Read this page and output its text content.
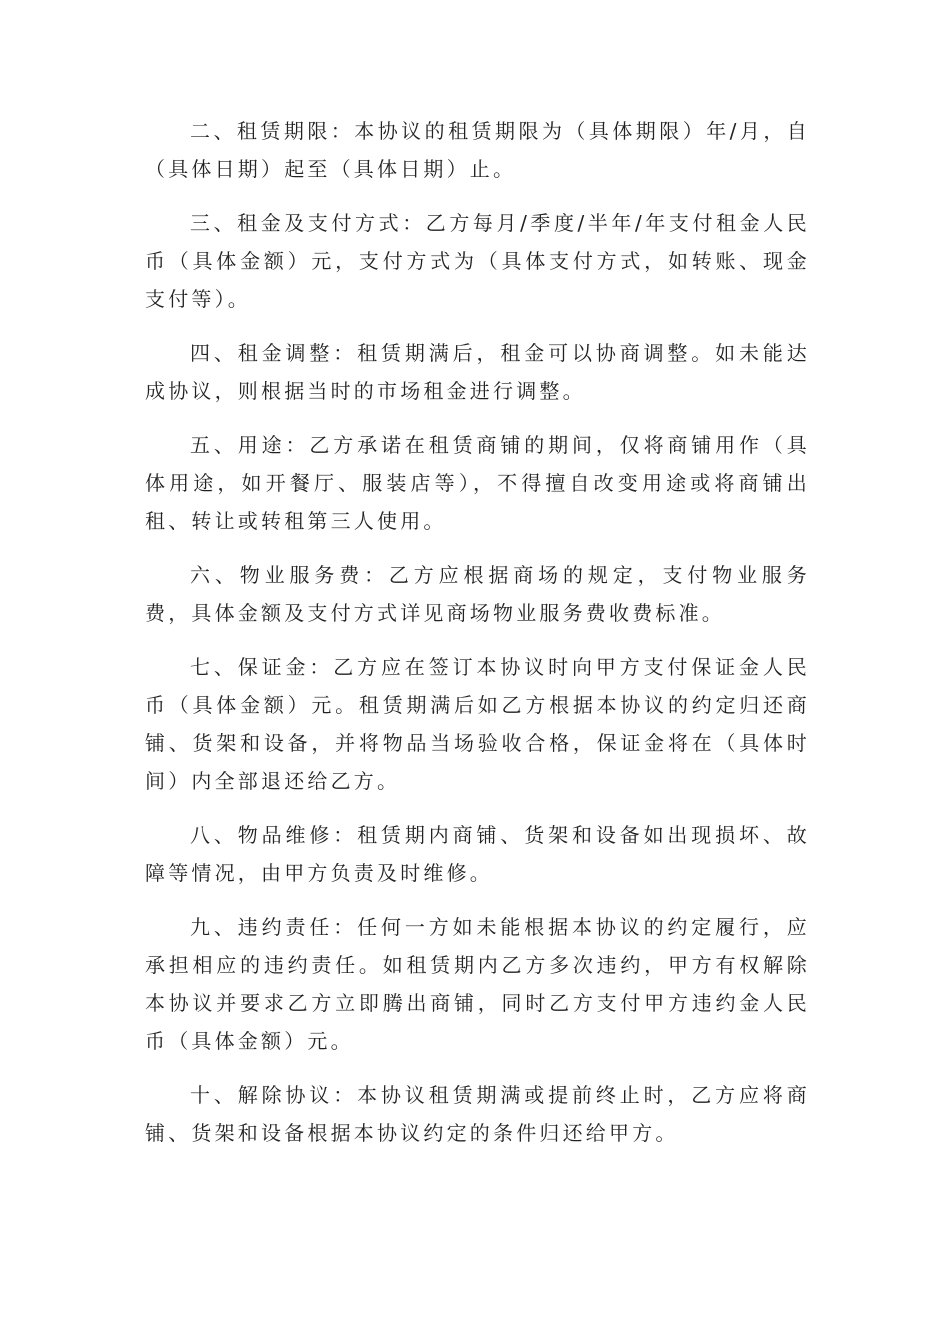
二、租赁期限：本协议的租赁期限为（具体期限）年/月，自（具体日期）起至（具体日期）止。

三、租金及支付方式：乙方每月/季度/半年/年支付租金人民币（具体金额）元，支付方式为（具体支付方式，如转账、现金支付等）。

四、租金调整：租赁期满后，租金可以协商调整。如未能达成协议，则根据当时的市场租金进行调整。

五、用途：乙方承诺在租赁商铺的期间，仅将商铺用作（具体用途，如开餐厅、服装店等），不得擅自改变用途或将商铺出租、转让或转租第三人使用。

六、物业服务费：乙方应根据商场的规定，支付物业服务费，具体金额及支付方式详见商场物业服务费收费标准。

七、保证金：乙方应在签订本协议时向甲方支付保证金人民币（具体金额）元。租赁期满后如乙方根据本协议的约定归还商铺、货架和设备，并将物品当场验收合格，保证金将在（具体时间）内全部退还给乙方。

八、物品维修：租赁期内商铺、货架和设备如出现损坏、故障等情况，由甲方负责及时维修。

九、违约责任：任何一方如未能根据本协议的约定履行，应承担相应的违约责任。如租赁期内乙方多次违约，甲方有权解除本协议并要求乙方立即腾出商铺，同时乙方支付甲方违约金人民币（具体金额）元。

十、解除协议：本协议租赁期满或提前终止时，乙方应将商铺、货架和设备根据本协议约定的条件归还给甲方。
